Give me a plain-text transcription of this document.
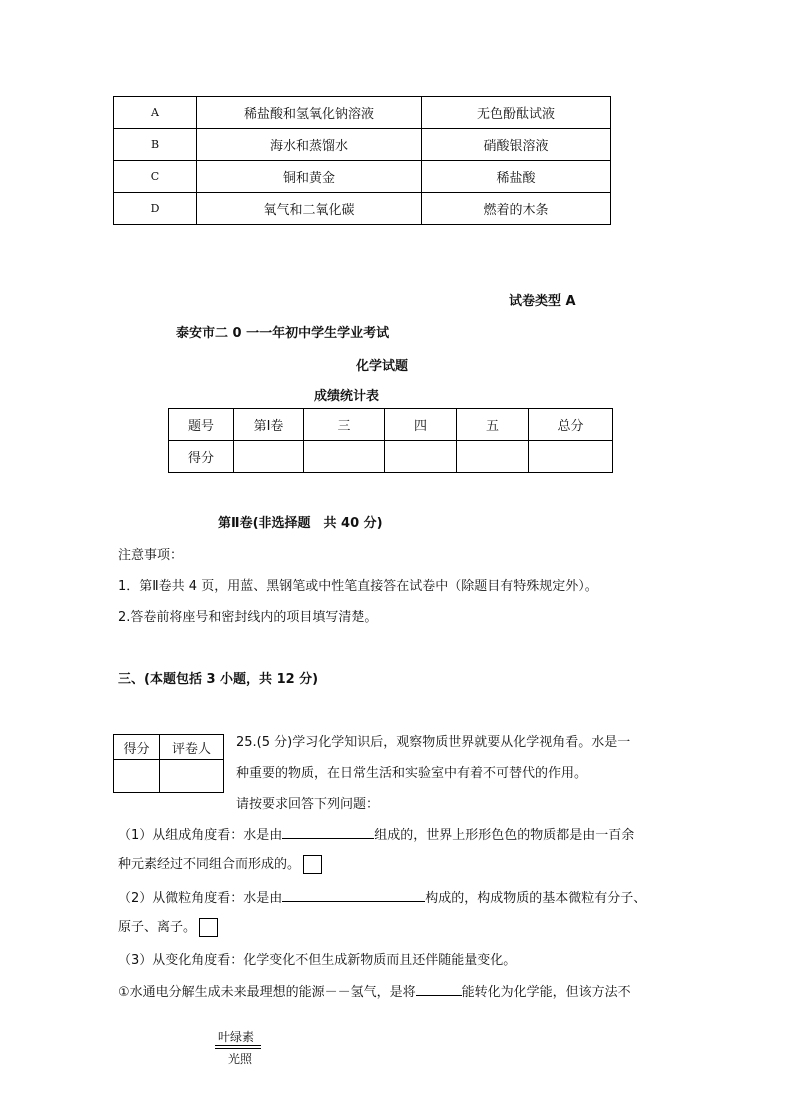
A	稀盐酸和氢氧化钠溶液	无色酚酞试液
B	海水和蒸馏水	硝酸银溶液
C	铜和黄金	稀盐酸
D	氧气和二氧化碳	燃着的木条
试卷类型 A
泰安市二 0 一一年初中学生学业考试
化学试题
成绩统计表
题号	第Ⅰ卷	三	四	五	总分
得分					
第Ⅱ卷(非选择题　共 40 分)
注意事项：
1．第Ⅱ卷共 4 页，用蓝、黑钢笔或中性笔直接答在试卷中（除题目有特殊规定外）。
2.答卷前将座号和密封线内的项目填写清楚。
三、(本题包括 3 小题，共 12 分)
得分	评卷人
	25.(5 分)学习化学知识后，观察物质世界就要从化学视角看。水是一
种重要的物质，在日常生活和实验室中有着不可替代的作用。
请按要求回答下列问题：
（1）从组成角度看：水是由	组成的，世界上形形色色的物质都是由一百余
种元素经过不同组合而形成的。
（2）从微粒角度看：水是由	构成的，构成物质的基本微粒有分子、
原子、离子。
（3）从变化角度看：化学变化不但生成新物质而且还伴随能量变化。
①水通电分解生成未来最理想的能源－－氢气，是将	能转化为化学能，但该方法不
叶绿素
光照
